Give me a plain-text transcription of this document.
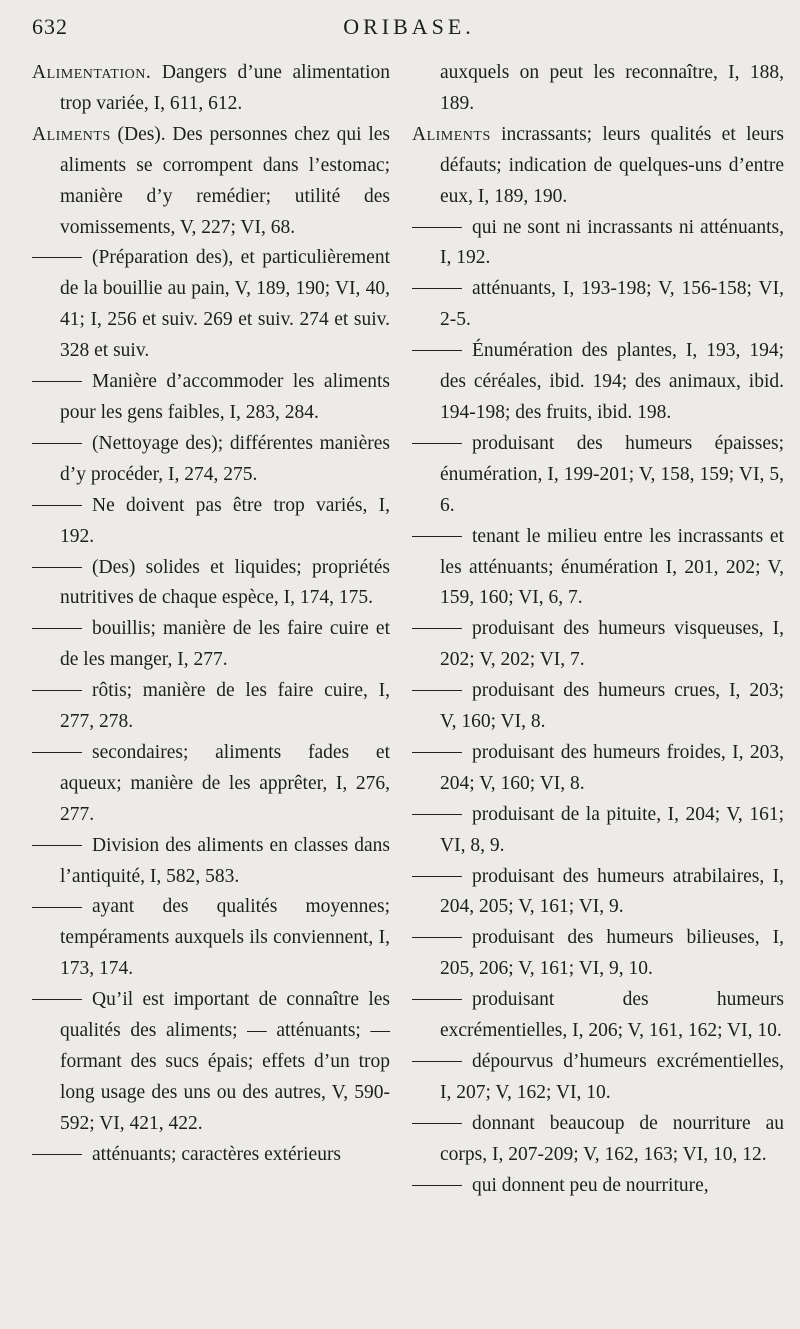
632	ORIBASE.

Alimentation. Dangers d’une alimentation trop variée, I, 611, 612.

Aliments (Des). Des personnes chez qui les aliments se corrompent dans l’estomac; manière d’y remédier; utilité des vomissements, V, 227; VI, 68.

(Préparation des), et particulièrement de la bouillie au pain, V, 189, 190; VI, 40, 41; I, 256 et suiv. 269 et suiv. 274 et suiv. 328 et suiv.

Manière d’accommoder les aliments pour les gens faibles, I, 283, 284.

(Nettoyage des); différentes manières d’y procéder, I, 274, 275.

Ne doivent pas être trop variés, I, 192.

(Des) solides et liquides; propriétés nutritives de chaque espèce, I, 174, 175.

bouillis; manière de les faire cuire et de les manger, I, 277.

rôtis; manière de les faire cuire, I, 277, 278.

secondaires; aliments fades et aqueux; manière de les apprêter, I, 276, 277.

Division des aliments en classes dans l’antiquité, I, 582, 583.

ayant des qualités moyennes; tempéraments auxquels ils conviennent, I, 173, 174.

Qu’il est important de connaître les qualités des aliments; — atténuants; — formant des sucs épais; effets d’un trop long usage des uns ou des autres, V, 590-592; VI, 421, 422.

atténuants; caractères extérieurs

auxquels on peut les reconnaître, I, 188, 189.

Aliments incrassants; leurs qualités et leurs défauts; indication de quelques-uns d’entre eux, I, 189, 190.

qui ne sont ni incrassants ni atténuants, I, 192.

atténuants, I, 193-198; V, 156-158; VI, 2-5.

Énumération des plantes, I, 193, 194; des céréales, ibid. 194; des animaux, ibid. 194-198; des fruits, ibid. 198.

produisant des humeurs épaisses; énumération, I, 199-201; V, 158, 159; VI, 5, 6.

tenant le milieu entre les incrassants et les atténuants; énumération I, 201, 202; V, 159, 160; VI, 6, 7.

produisant des humeurs visqueuses, I, 202; V, 202; VI, 7.

produisant des humeurs crues, I, 203; V, 160; VI, 8.

produisant des humeurs froides, I, 203, 204; V, 160; VI, 8.

produisant de la pituite, I, 204; V, 161; VI, 8, 9.

produisant des humeurs atrabilaires, I, 204, 205; V, 161; VI, 9.

produisant des humeurs bilieuses, I, 205, 206; V, 161; VI, 9, 10.

produisant des humeurs excrémentielles, I, 206; V, 161, 162; VI, 10.

dépourvus d’humeurs excrémentielles, I, 207; V, 162; VI, 10.

donnant beaucoup de nourriture au corps, I, 207-209; V, 162, 163; VI, 10, 12.

qui donnent peu de nourriture,
